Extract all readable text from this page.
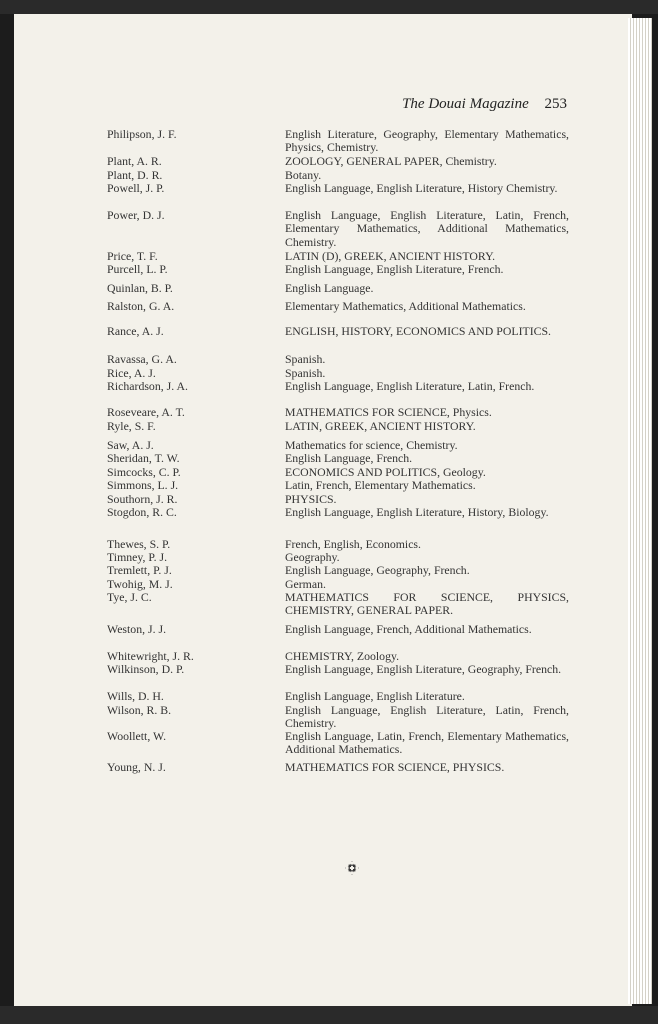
The Douai Magazine 253
Philipson, J. F.	English Literature, Geography, Elementary Mathematics, Physics, Chemistry.
Plant, A. R.	ZOOLOGY, GENERAL PAPER, Chemistry.
Plant, D. R.	Botany.
Powell, J. P.	English Language, English Literature, History Chemistry.
Power, D. J.	English Language, English Literature, Latin, French, Elementary Mathematics, Additional Mathematics, Chemistry.
Price, T. F.	LATIN (D), GREEK, ANCIENT HISTORY.
Purcell, L. P.	English Language, English Literature, French.
Quinlan, B. P.	English Language.
Ralston, G. A.	Elementary Mathematics, Additional Mathematics.
Rance, A. J.	ENGLISH, HISTORY, ECONOMICS AND POLITICS.
Ravassa, G. A.	Spanish.
Rice, A. J.	Spanish.
Richardson, J. A.	English Language, English Literature, Latin, French.
Roseveare, A. T.	MATHEMATICS FOR SCIENCE, Physics.
Ryle, S. F.	LATIN, GREEK, ANCIENT HISTORY.
Saw, A. J.	Mathematics for science, Chemistry.
Sheridan, T. W.	English Language, French.
Simcocks, C. P.	ECONOMICS AND POLITICS, Geology.
Simmons, L. J.	Latin, French, Elementary Mathematics.
Southorn, J. R.	PHYSICS.
Stogdon, R. C.	English Language, English Literature, History, Biology.
Thewes, S. P.	French, English, Economics.
Timney, P. J.	Geography.
Tremlett, P. J.	English Language, Geography, French.
Twohig, M. J.	German.
Tye, J. C.	MATHEMATICS FOR SCIENCE, PHYSICS, CHEMISTRY, GENERAL PAPER.
Weston, J. J.	English Language, French, Additional Mathematics.
Whitewright, J. R.	CHEMISTRY, Zoology.
Wilkinson, D. P.	English Language, English Literature, Geography, French.
Wills, D. H.	English Language, English Literature.
Wilson, R. B.	English Language, English Literature, Latin, French, Chemistry.
Woollett, W.	English Language, Latin, French, Elementary Mathematics, Additional Mathematics.
Young, N. J.	MATHEMATICS FOR SCIENCE, PHYSICS.
